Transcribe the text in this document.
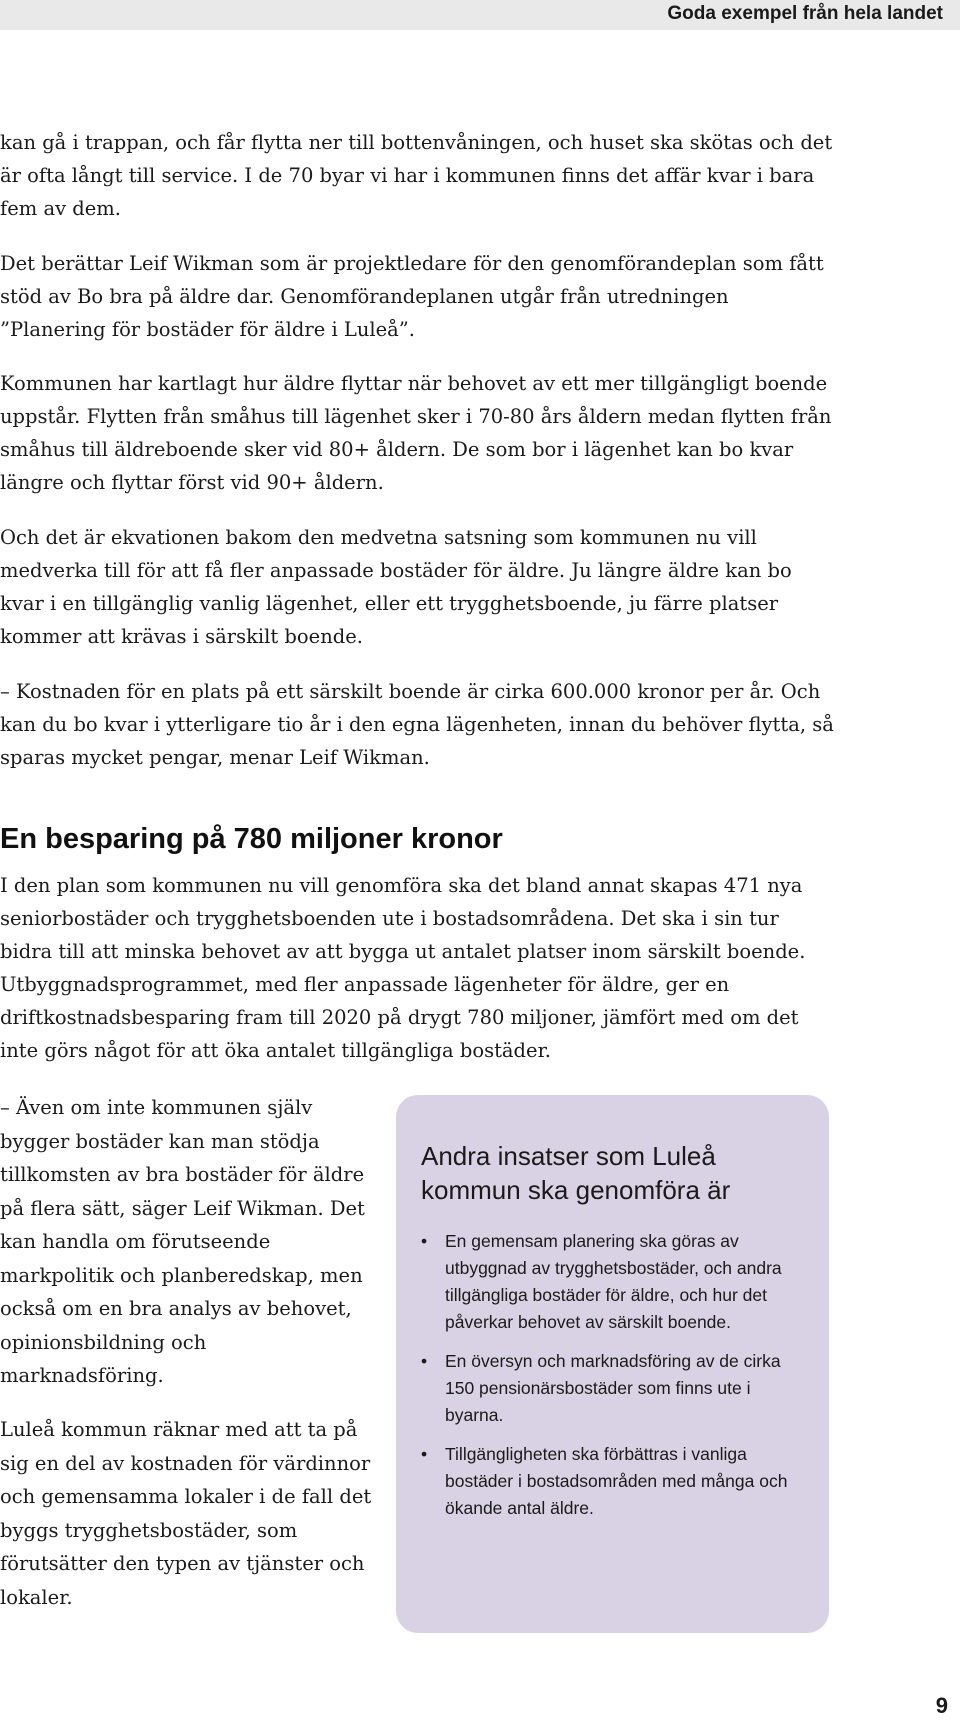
Goda exempel från hela landet

kan gå i trappan, och får flytta ner till bottenvåningen, och huset ska skötas och det är ofta långt till service. I de 70 byar vi har i kommunen finns det affär kvar i bara fem av dem.

Det berättar Leif Wikman som är projektledare för den genomförandeplan som fått stöd av Bo bra på äldre dar. Genomförandeplanen utgår från utredningen ”Planering för bostäder för äldre i Luleå”.

Kommunen har kartlagt hur äldre flyttar när behovet av ett mer tillgängligt boende uppstår. Flytten från småhus till lägenhet sker i 70-80 års åldern medan flytten från småhus till äldreboende sker vid 80+ åldern. De som bor i lägenhet kan bo kvar längre och flyttar först vid 90+ åldern.

Och det är ekvationen bakom den medvetna satsning som kommunen nu vill medverka till för att få fler anpassade bostäder för äldre. Ju längre äldre kan bo kvar i en tillgänglig vanlig lägenhet, eller ett trygghetsboende, ju färre platser kommer att krävas i särskilt boende.

– Kostnaden för en plats på ett särskilt boende är cirka 600.000 kronor per år. Och kan du bo kvar i ytterligare tio år i den egna lägenheten, innan du behöver flytta, så sparas mycket pengar, menar Leif Wikman.

En besparing på 780 miljoner kronor

I den plan som kommunen nu vill genomföra ska det bland annat skapas 471 nya seniorbostäder och trygghetsboenden ute i bostadsområdena. Det ska i sin tur bidra till att minska behovet av att bygga ut antalet platser inom särskilt boende. Utbyggnadsprogrammet, med fler anpassade lägenheter för äldre, ger en driftkostnadsbesparing fram till 2020 på drygt 780 miljoner, jämfört med om det inte görs något för att öka antalet tillgängliga bostäder.

– Även om inte kommunen själv bygger bostäder kan man stödja tillkomsten av bra bostäder för äldre på flera sätt, säger Leif Wikman. Det kan handla om förutseende markpolitik och planberedskap, men också om en bra analys av behovet, opinionsbildning och marknadsföring.

Luleå kommun räknar med att ta på sig en del av kostnaden för värdinnor och gemensamma lokaler i de fall det byggs trygghetsbostäder, som förutsätter den typen av tjänster och lokaler.

Andra insatser som Luleå kommun ska genomföra är
• En gemensam planering ska göras av utbyggnad av trygghetsbostäder, och andra tillgängliga bostäder för äldre, och hur det påverkar behovet av särskilt boende.
• En översyn och marknadsföring av de cirka 150 pensionärsbostäder som finns ute i byarna.
• Tillgängligheten ska förbättras i vanliga bostäder i bostadsområden med många och ökande antal äldre.
9
